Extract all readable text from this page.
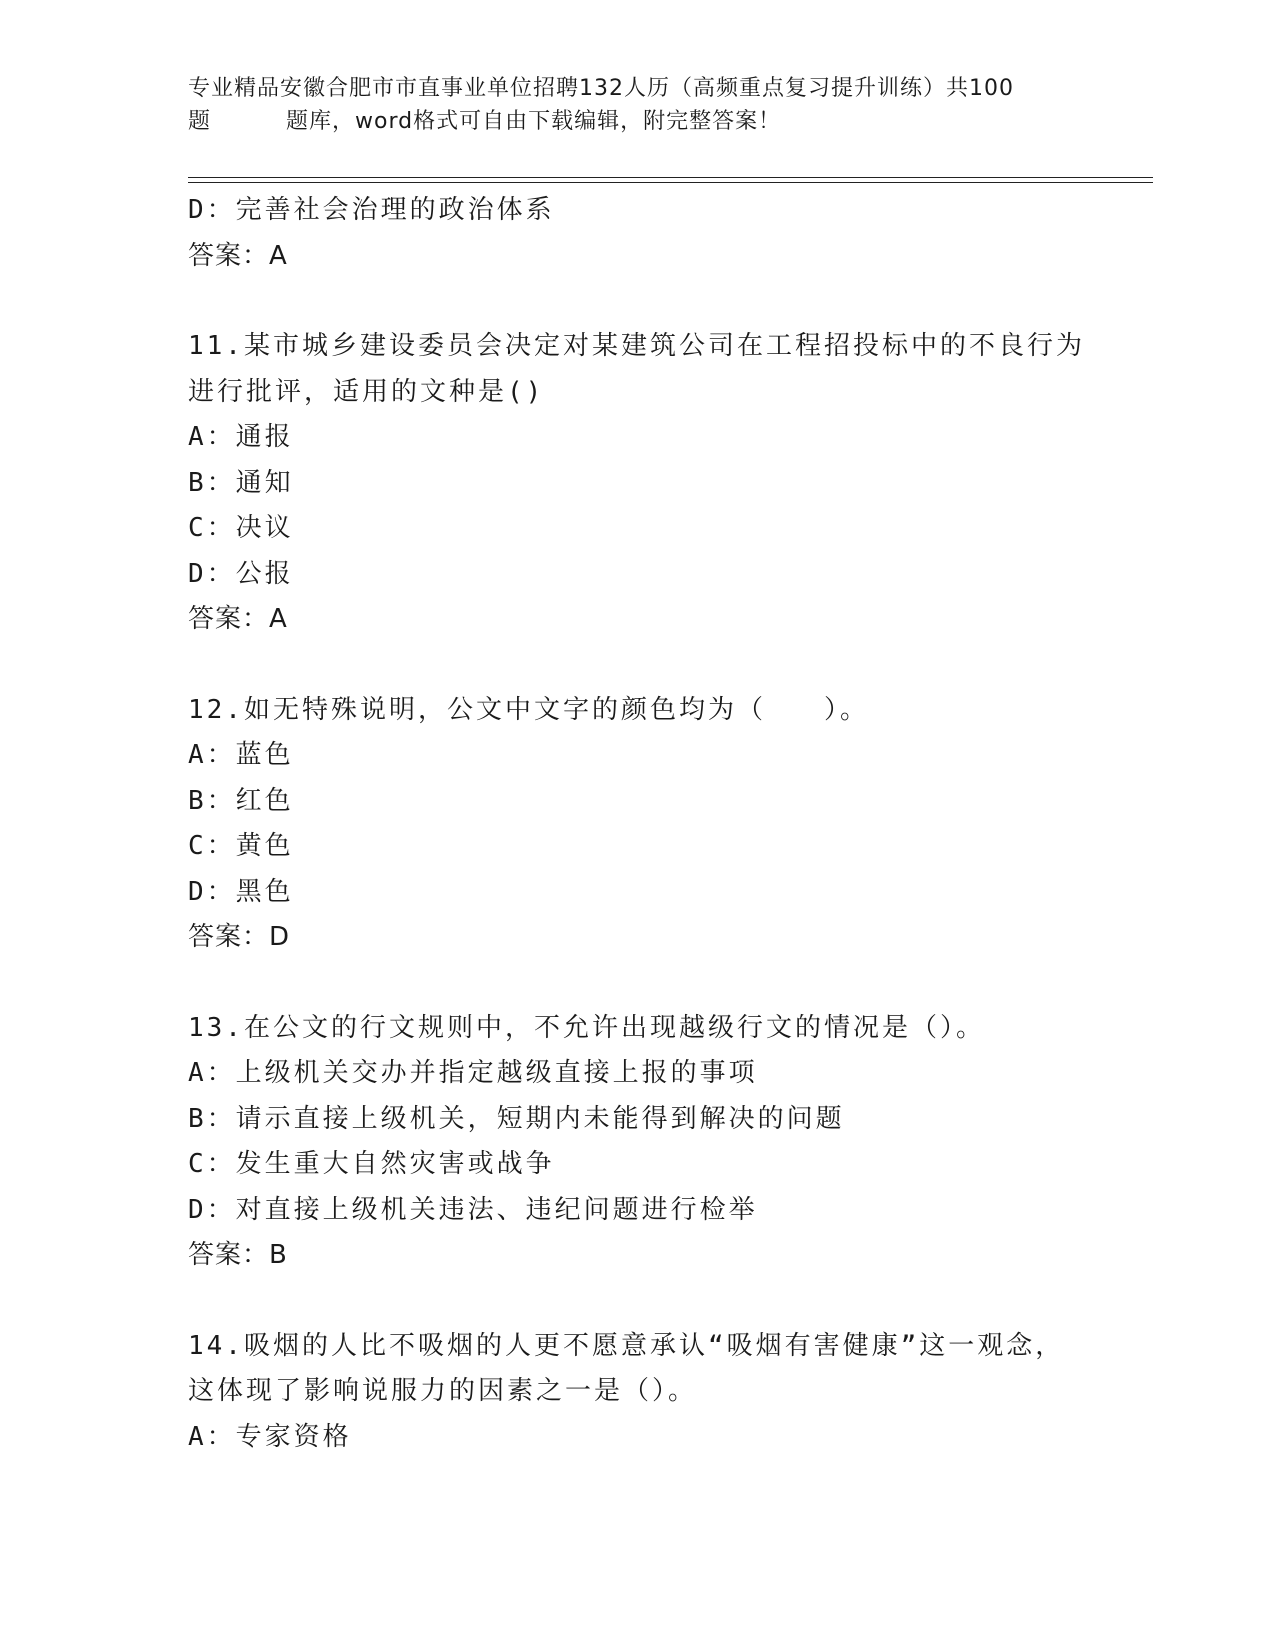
专业精品安徽合肥市市直事业单位招聘132人历（高频重点复习提升训练）共100

题	题库，word格式可自由下载编辑，附完整答案！
D：完善社会治理的政治体系
答案：A
11.某市城乡建设委员会决定对某建筑公司在工程招投标中的不良行为
进行批评，适用的文种是()
A：通报
B：通知
C：决议
D：公报
答案：A
12.如无特殊说明，公文中文字的颜色均为（　　）。
A：蓝色
B：红色
C：黄色
D：黑色
答案：D
13.在公文的行文规则中，不允许出现越级行文的情况是（）。
A：上级机关交办并指定越级直接上报的事项
B：请示直接上级机关，短期内未能得到解决的问题
C：发生重大自然灾害或战争
D：对直接上级机关违法、违纪问题进行检举
答案：B
14.吸烟的人比不吸烟的人更不愿意承认“吸烟有害健康”这一观念，
这体现了影响说服力的因素之一是（）。
A：专家资格
